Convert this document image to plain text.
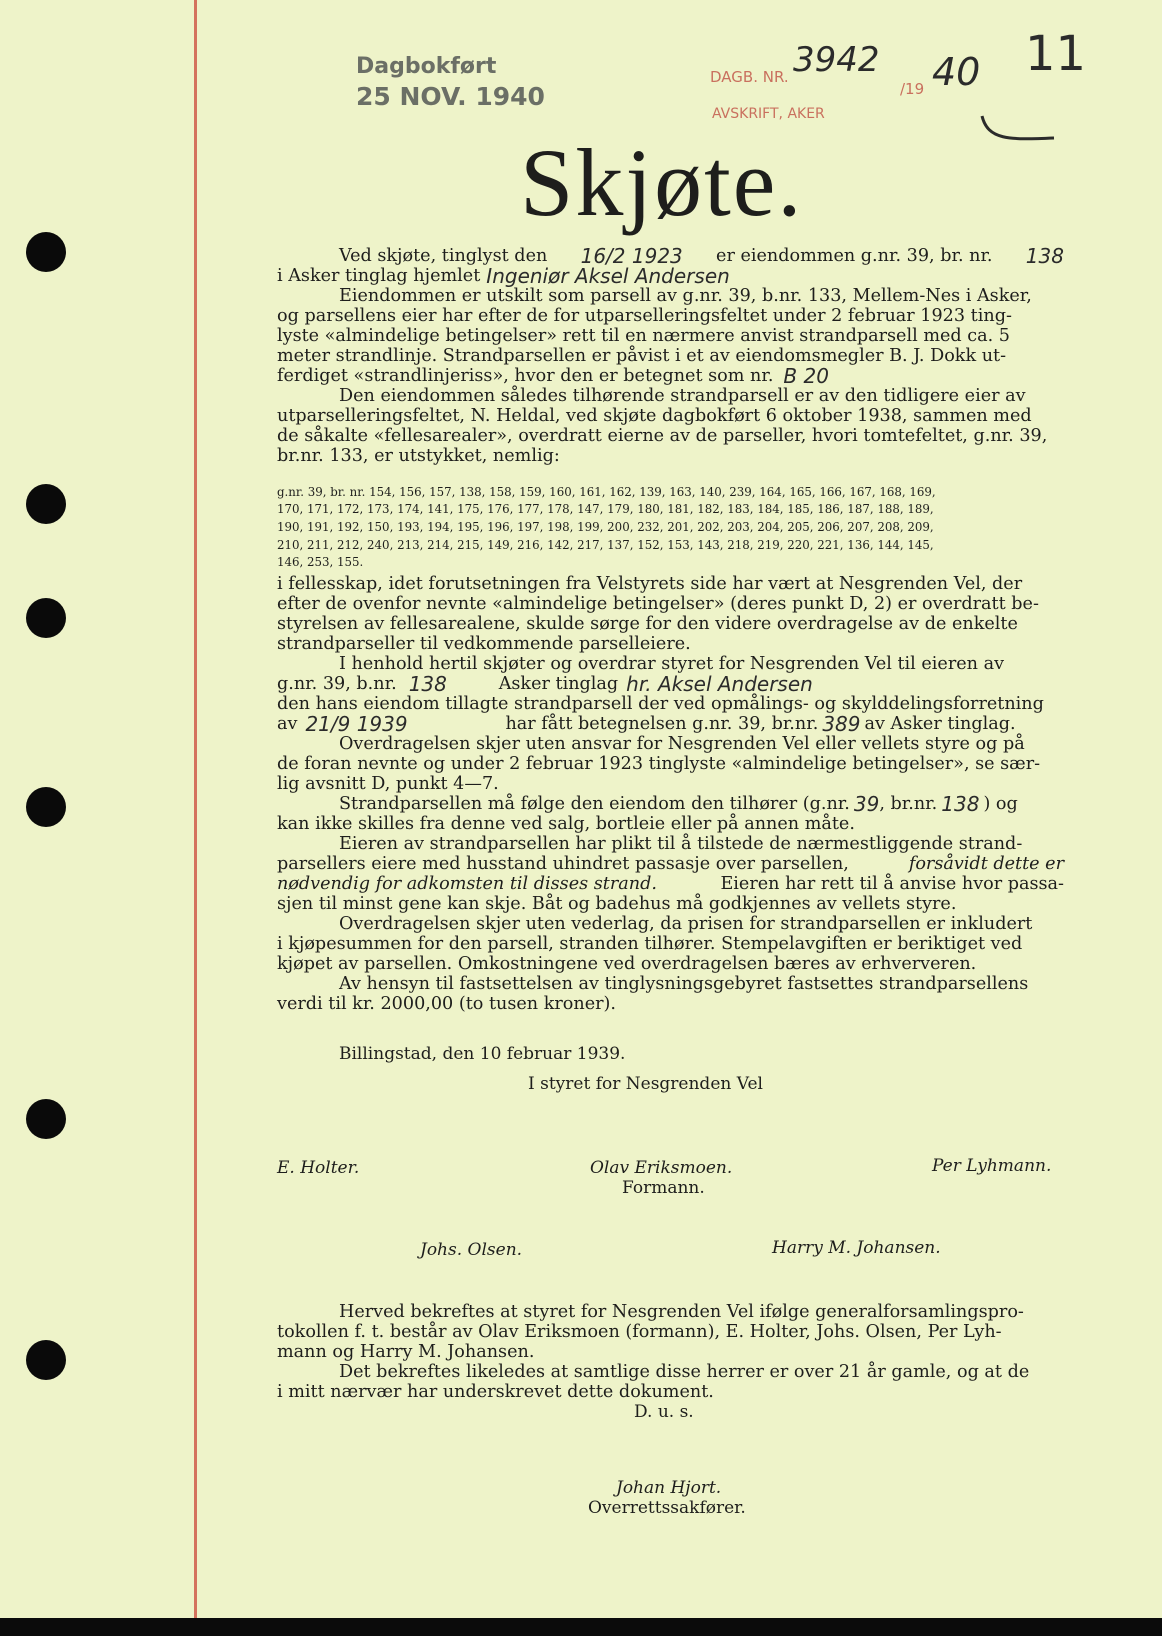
Dagbokført
25 NOV. 1940
DAGB. NR. 3942
/19 40
AVSKRIFT, AKER
11
Skjøte.
Ved skjøte, tinglyst den 16/2 1923 er eiendommen g.nr. 39, br. nr. 138
i Asker tinglag hjemlet Ingeniør Aksel Andersen
Eiendommen er utskilt som parsell av g.nr. 39, b.nr. 133, Mellem-Nes i Asker,
og parsellens eier har efter de for utparselleringsfeltet under 2 februar 1923 ting-
lyste «almindelige betingelser» rett til en nærmere anvist strandparsell med ca. 5
meter strandlinje. Strandparsellen er påvist i et av eiendomsmegler B. J. Dokk ut-
ferdiget «strandlinjeriss», hvor den er betegnet som nr. B 20
Den eiendommen således tilhørende strandparsell er av den tidligere eier av
utparselleringsfeltet, N. Heldal, ved skjøte dagbokført 6 oktober 1938, sammen med
de såkalte «fellesarealer», overdratt eierne av de parseller, hvori tomtefeltet, g.nr. 39,
br.nr. 133, er utstykket, nemlig:
g.nr. 39, br. nr. 154, 156, 157, 138, 158, 159, 160, 161, 162, 139, 163, 140, 239, 164, 165, 166, 167, 168, 169,
170, 171, 172, 173, 174, 141, 175, 176, 177, 178, 147, 179, 180, 181, 182, 183, 184, 185, 186, 187, 188, 189,
190, 191, 192, 150, 193, 194, 195, 196, 197, 198, 199, 200, 232, 201, 202, 203, 204, 205, 206, 207, 208, 209,
210, 211, 212, 240, 213, 214, 215, 149, 216, 142, 217, 137, 152, 153, 143, 218, 219, 220, 221, 136, 144, 145,
146, 253, 155.
i fellesskap, idet forutsetningen fra Velstyrets side har vært at Nesgrenden Vel, der
efter de ovenfor nevnte «almindelige betingelser» (deres punkt D, 2) er overdratt be-
styrelsen av fellesarealene, skulde sørge for den videre overdragelse av de enkelte
strandparseller til vedkommende parselleiere.
I henhold hertil skjøter og overdrar styret for Nesgrenden Vel til eieren av
g.nr. 39, b.nr. 138	Asker tinglag hr. Aksel Andersen
den hans eiendom tillagte strandparsell der ved opmålings- og skylddelingsforretning
av 21/9 1939	har fått betegnelsen g.nr. 39, br.nr. 389 av Asker tinglag.
Overdragelsen skjer uten ansvar for Nesgrenden Vel eller vellets styre og på
de foran nevnte og under 2 februar 1923 tinglyste «almindelige betingelser», se sær-
lig avsnitt D, punkt 4—7.
Strandparsellen må følge den eiendom den tilhører (g.nr. 39 , br.nr. 138 ) og
kan ikke skilles fra denne ved salg, bortleie eller på annen måte.
Eieren av strandparsellen har plikt til å tilstede de nærmestliggende strand-
parsellers eiere med husstand uhindret passasje over parsellen,	forsåvidt dette er
nødvendig for adkomsten til disses strand.	Eieren har rett til å anvise hvor passa-
sjen til minst gene kan skje. Båt og badehus må godkjennes av vellets styre.
Overdragelsen skjer uten vederlag, da prisen for strandparsellen er inkludert
i kjøpesummen for den parsell, stranden tilhører. Stempelavgiften er beriktiget ved
kjøpet av parsellen. Omkostningene ved overdragelsen bæres av erhververen.
Av hensyn til fastsettelsen av tinglysningsgebyret fastsettes strandparsellens
verdi til kr. 2000,00 (to tusen kroner).
Billingstad, den 10 februar 1939.
I styret for Nesgrenden Vel
E. Holter.	Olav Eriksmoen.
Formann.
Per Lyhmann.
Johs. Olsen.	Harry M. Johansen.
Herved bekreftes at styret for Nesgrenden Vel ifølge generalforsamlingspro-
tokollen f. t. består av Olav Eriksmoen (formann), E. Holter, Johs. Olsen, Per Lyh-
mann og Harry M. Johansen.
Det bekreftes likeledes at samtlige disse herrer er over 21 år gamle, og at de
i mitt nærvær har underskrevet dette dokument.
D. u. s.
Johan Hjort.
Overrettssakfører.
